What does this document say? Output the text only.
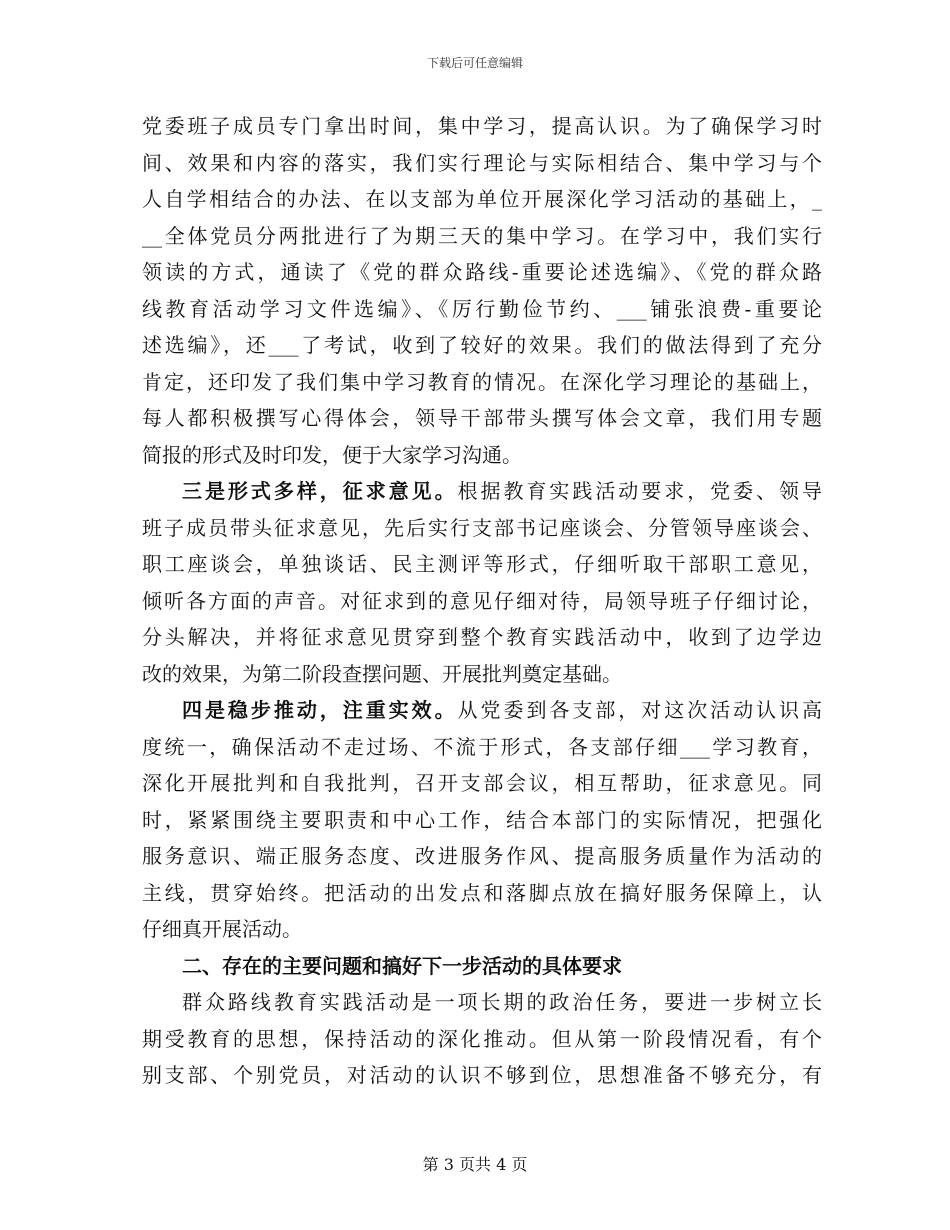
下载后可任意编辑
党委班子成员专门拿出时间，集中学习，提高认识。为了确保学习时
间、效果和内容的落实，我们实行理论与实际相结合、集中学习与个
人自学相结合的办法、在以支部为单位开展深化学习活动的基础上，_
__全体党员分两批进行了为期三天的集中学习。在学习中，我们实行
领读的方式，通读了《党的群众路线-重要论述选编》、《党的群众路
线教育活动学习文件选编》、《厉行勤俭节约、___铺张浪费-重要论
述选编》，还___了考试，收到了较好的效果。我们的做法得到了充分
肯定，还印发了我们集中学习教育的情况。在深化学习理论的基础上，
每人都积极撰写心得体会，领导干部带头撰写体会文章，我们用专题
简报的形式及时印发，便于大家学习沟通。
三是形式多样，征求意见。根据教育实践活动要求，党委、领导
班子成员带头征求意见，先后实行支部书记座谈会、分管领导座谈会、
职工座谈会，单独谈话、民主测评等形式，仔细听取干部职工意见，
倾听各方面的声音。对征求到的意见仔细对待，局领导班子仔细讨论，
分头解决，并将征求意见贯穿到整个教育实践活动中，收到了边学边
改的效果，为第二阶段查摆问题、开展批判奠定基础。
四是稳步推动，注重实效。从党委到各支部，对这次活动认识高
度统一，确保活动不走过场、不流于形式，各支部仔细___学习教育，
深化开展批判和自我批判，召开支部会议，相互帮助，征求意见。同
时，紧紧围绕主要职责和中心工作，结合本部门的实际情况，把强化
服务意识、端正服务态度、改进服务作风、提高服务质量作为活动的
主线，贯穿始终。把活动的出发点和落脚点放在搞好服务保障上，认
仔细真开展活动。
二、存在的主要问题和搞好下一步活动的具体要求
群众路线教育实践活动是一项长期的政治任务，要进一步树立长
期受教育的思想，保持活动的深化推动。但从第一阶段情况看，有个
别支部、个别党员，对活动的认识不够到位，思想准备不够充分，有
第 3 页共 4 页
